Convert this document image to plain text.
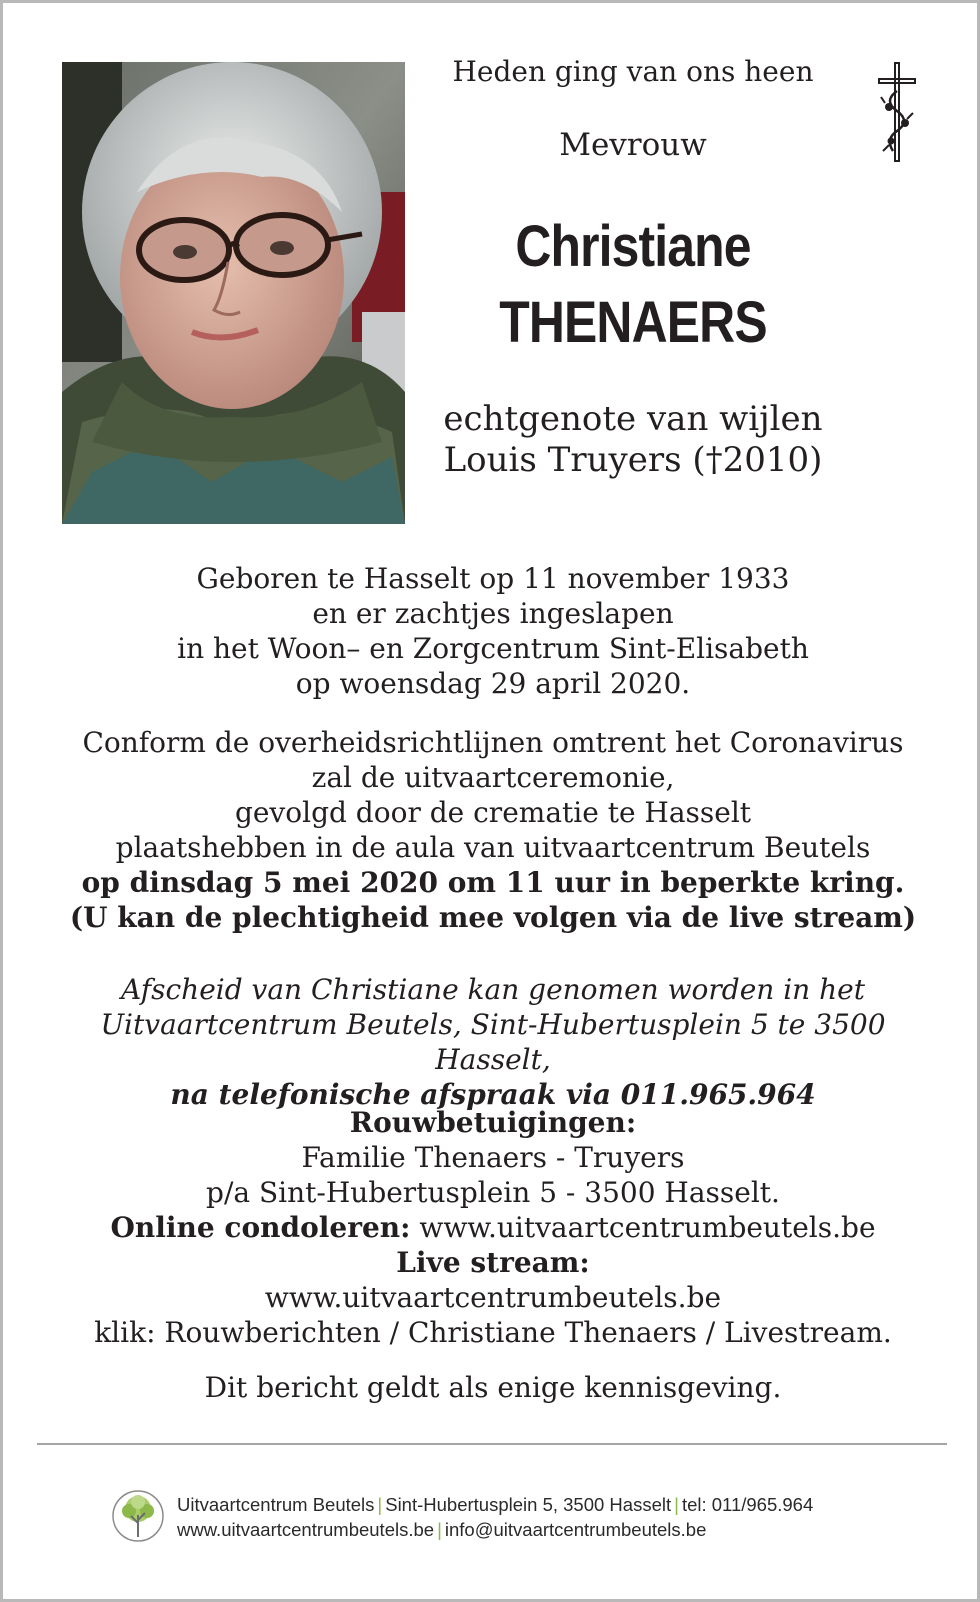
Heden ging van ons heen
Mevrouw
Christiane
THENAERS
echtgenote van wijlen
Louis Truyers (†2010)
Geboren te Hasselt op 11 november 1933
en er zachtjes ingeslapen
in het Woon– en Zorgcentrum Sint-Elisabeth
op woensdag 29 april 2020.
Conform de overheidsrichtlijnen omtrent het Coronavirus
zal de uitvaartceremonie,
gevolgd door de crematie te Hasselt
plaatshebben in de aula van uitvaartcentrum Beutels
op dinsdag 5 mei 2020 om 11 uur in beperkte kring.
(U kan de plechtigheid mee volgen via de live stream)
Afscheid van Christiane kan genomen worden in het
Uitvaartcentrum Beutels, Sint-Hubertusplein 5 te 3500 Hasselt,
na telefonische afspraak via 011.965.964
Rouwbetuigingen:
Familie Thenaers - Truyers
p/a Sint-Hubertusplein 5 - 3500 Hasselt.
Online condoleren: www.uitvaartcentrumbeutels.be
Live stream:
www.uitvaartcentrumbeutels.be
klik: Rouwberichten / Christiane Thenaers / Livestream.
Dit bericht geldt als enige kennisgeving.
Uitvaartcentrum Beutels | Sint-Hubertusplein 5, 3500 Hasselt | tel: 011/965.964
www.uitvaartcentrumbeutels.be | info@uitvaartcentrumbeutels.be
